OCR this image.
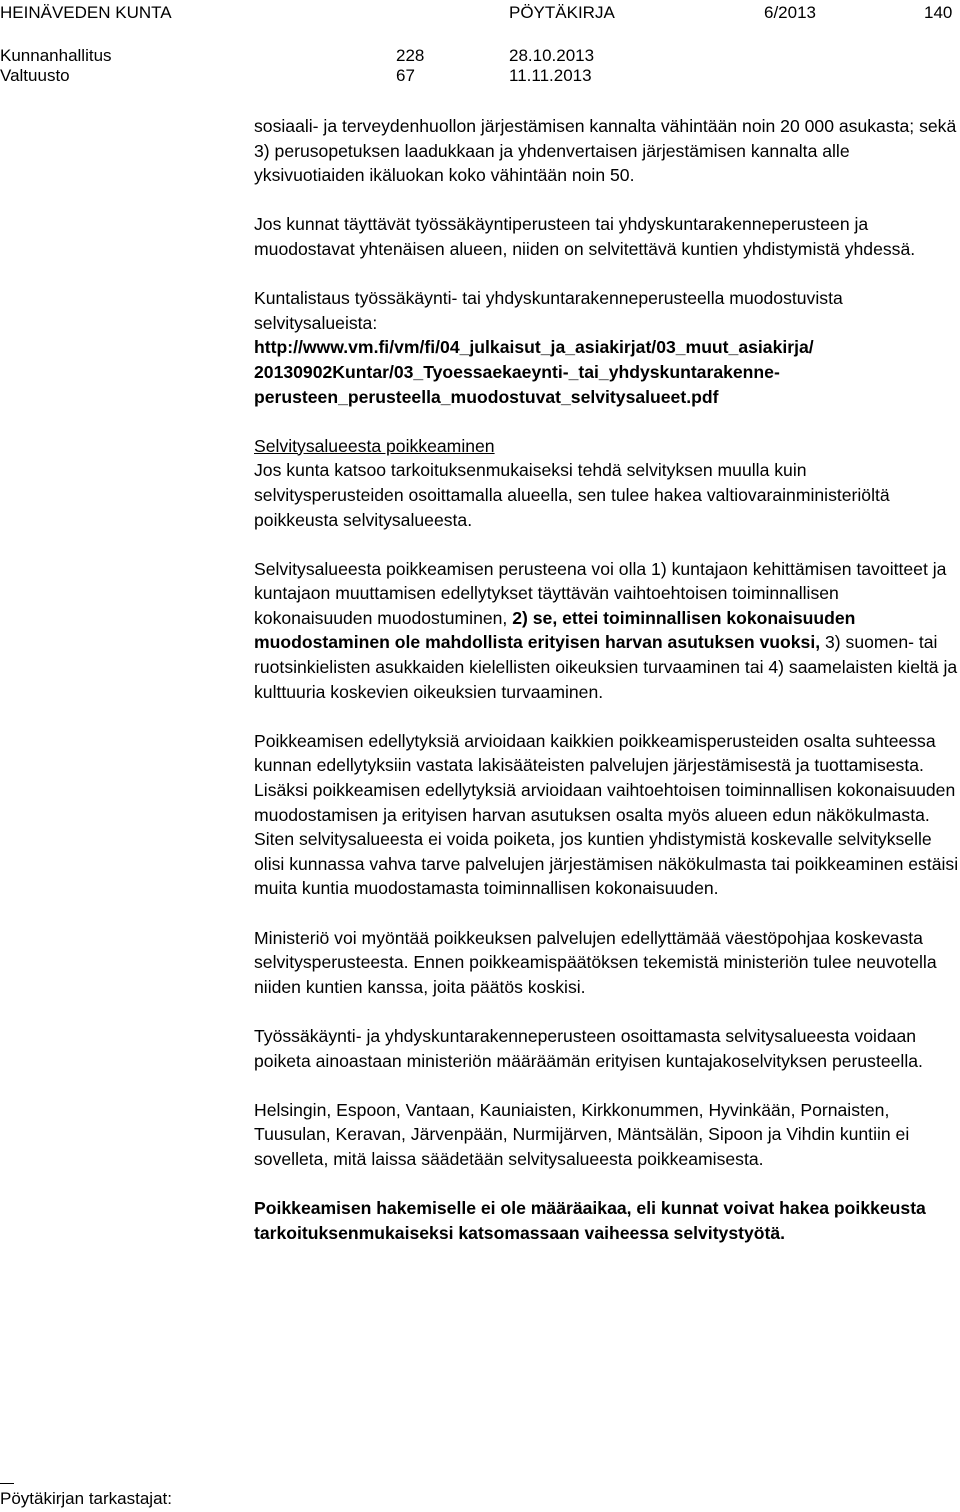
HEINÄVEDEN KUNTA	PÖYTÄKIRJA	6/2013	140
Kunnanhallitus	228	28.10.2013
Valtuusto	67	11.11.2013

sosiaali- ja terveydenhuollon järjestämisen kannalta vähintään noin 20 000 asukasta; sekä 3) perusopetuksen laadukkaan ja yhdenvertaisen järjestämisen kannalta alle yksivuotiaiden ikäluokan koko vähintään noin 50.

Jos kunnat täyttävät työssäkäyntiperusteen tai yhdyskuntarakenneperusteen ja muodostavat yhtenäisen alueen, niiden on selvitettävä kuntien yhdistymistä yhdessä.

Kuntalistaus työssäkäynti- tai yhdyskuntarakenneperusteella muodostuvista selvitysalueista:
http://www.vm.fi/vm/fi/04_julkaisut_ja_asiakirjat/03_muut_asiakirja/ 20130902Kuntar/03_Tyoessaekaeynti-_tai_yhdyskuntarakenne-perusteen_perusteella_muodostuvat_selvitysalueet.pdf

Selvitysalueesta poikkeaminen
Jos kunta katsoo tarkoituksenmukaiseksi tehdä selvityksen muulla kuin selvitysperusteiden osoittamalla alueella, sen tulee hakea valtiovarainministeriöltä poikkeusta selvitysalueesta.

Selvitysalueesta poikkeamisen perusteena voi olla 1) kuntajaon kehittämisen tavoitteet ja kuntajaon muuttamisen edellytykset täyttävän vaihtoehtoisen toiminnallisen kokonaisuuden muodostuminen, 2) se, ettei toiminnallisen kokonaisuuden muodostaminen ole mahdollista erityisen harvan asutuksen vuoksi, 3) suomen- tai ruotsinkielisten asukkaiden kielellisten oikeuksien turvaaminen tai 4) saamelaisten kieltä ja kulttuuria koskevien oikeuksien turvaaminen.

Poikkeamisen edellytyksiä arvioidaan kaikkien poikkeamisperusteiden osalta suhteessa kunnan edellytyksiin vastata lakisääteisten palvelujen järjestämisestä ja tuottamisesta. Lisäksi poikkeamisen edellytyksiä arvioidaan vaihtoehtoisen toiminnallisen kokonaisuuden muodostamisen ja erityisen harvan asutuksen osalta myös alueen edun näkökulmasta. Siten selvitysalueesta ei voida poiketa, jos kuntien yhdistymistä koskevalle selvitykselle olisi kunnassa vahva tarve palvelujen järjestämisen näkökulmasta tai poikkeaminen estäisi muita kuntia muodostamasta toiminnallisen kokonaisuuden.

Ministeriö voi myöntää poikkeuksen palvelujen edellyttämää väestöpohjaa koskevasta selvitysperusteesta. Ennen poikkeamispäätöksen tekemistä ministeriön tulee neuvotella niiden kuntien kanssa, joita päätös koskisi.

Työssäkäynti- ja yhdyskuntarakenneperusteen osoittamasta selvitysalueesta voidaan poiketa ainoastaan ministeriön määräämän erityisen kuntajakoselvityksen perusteella.

Helsingin, Espoon, Vantaan, Kauniaisten, Kirkkonummen, Hyvinkään, Pornaisten, Tuusulan, Keravan, Järvenpään, Nurmijärven, Mäntsälän, Sipoon ja Vihdin kuntiin ei sovelleta, mitä laissa säädetään selvitysalueesta poikkeamisesta.

Poikkeamisen hakemiselle ei ole määräaikaa, eli kunnat voivat hakea poikkeusta tarkoituksenmukaiseksi katsomassaan vaiheessa selvitystyötä.

Pöytäkirjan tarkastajat:
